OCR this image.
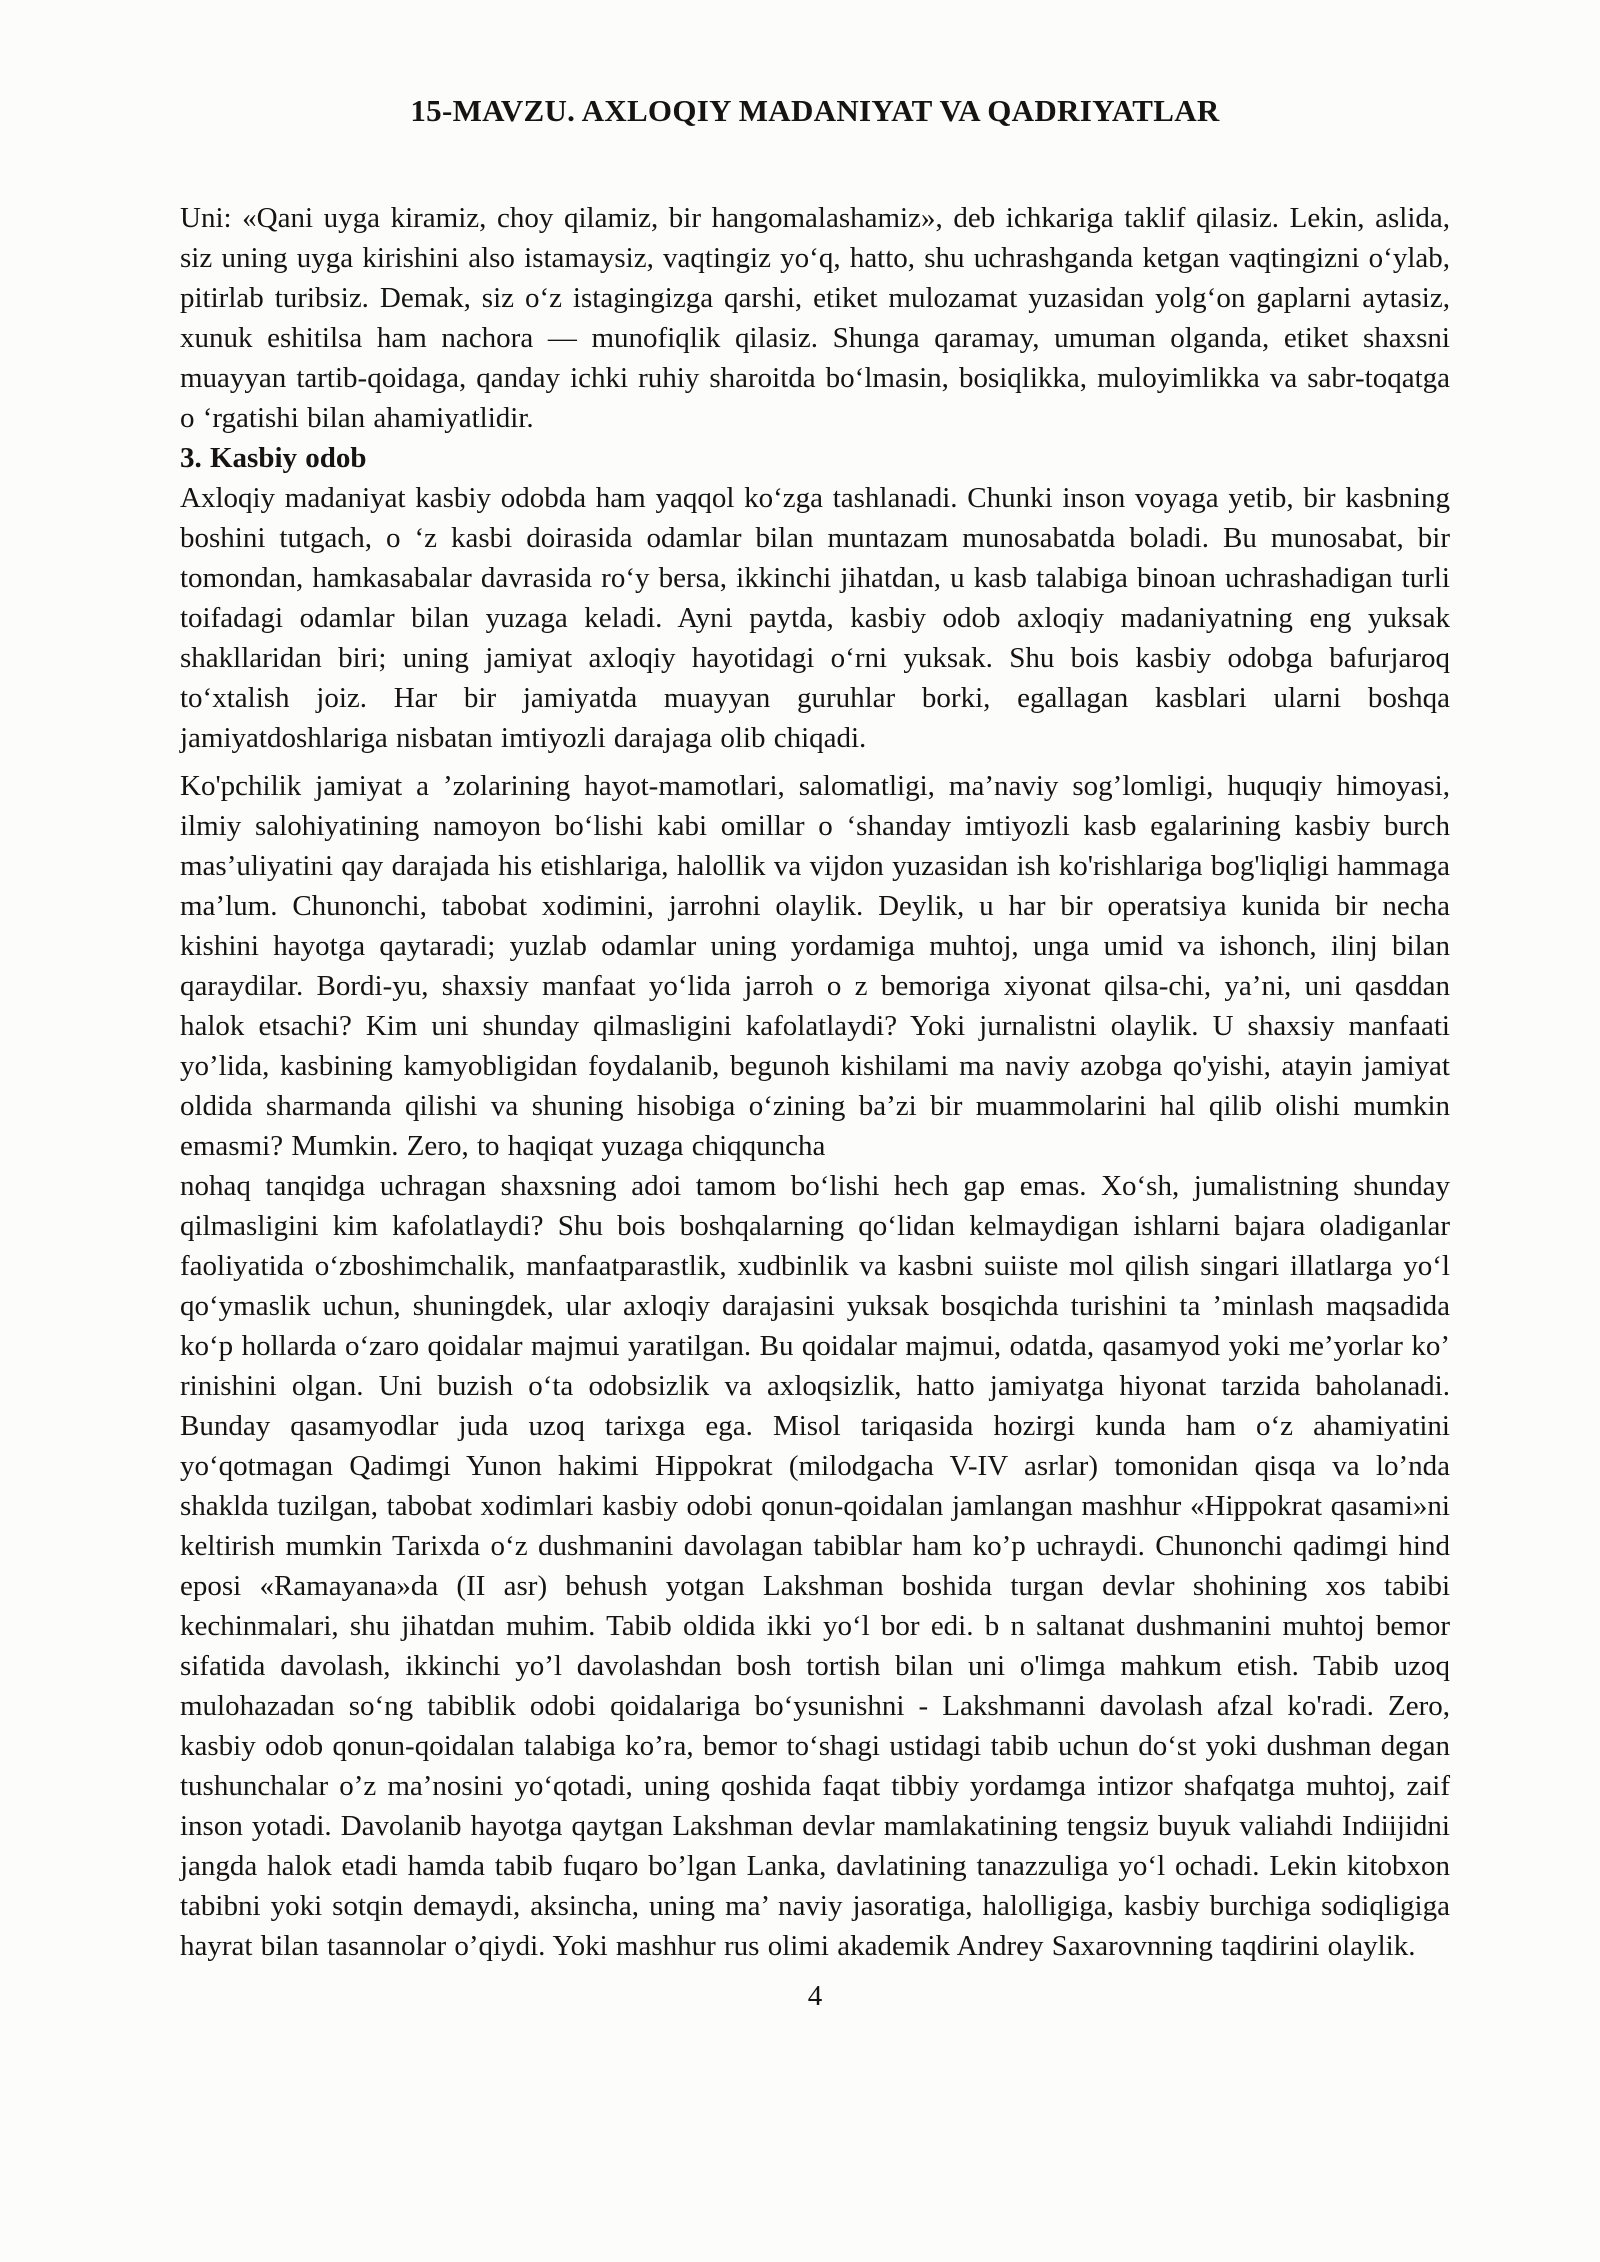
15-MAVZU. AXLOQIY MADANIYAT VA QADRIYATLAR

Uni: «Qani uyga kiramiz, choy qilamiz, bir hangomalashamiz», deb ichkariga taklif qilasiz. Lekin, aslida, siz uning uyga kirishini also istamaysiz, vaqtingiz yo‘q, hatto, shu uchrashganda ketgan vaqtingizni o‘ylab, pitirlab turibsiz. Demak, siz o‘z istagingizga qarshi, etiket mulozamat yuzasidan yolg‘on gaplarni aytasiz, xunuk eshitilsa ham nachora — munofiqlik qilasiz. Shunga qaramay, umuman olganda, etiket shaxsni muayyan tartib-qoidaga, qanday ichki ruhiy sharoitda bo‘lmasin, bosiqlikka, muloyimlikka va sabr-toqatga o ‘rgatishi bilan ahamiyatlidir.

3. Kasbiy odob

Axloqiy madaniyat kasbiy odobda ham yaqqol ko‘zga tashlanadi. Chunki inson voyaga yetib, bir kasbning boshini tutgach, o ‘z kasbi doirasida odamlar bilan muntazam munosabatda boladi. Bu munosabat, bir tomondan, hamkasabalar davrasida ro‘y bersa, ikkinchi jihatdan, u kasb talabiga binoan uchrashadigan turli toifadagi odamlar bilan yuzaga keladi. Ayni paytda, kasbiy odob axloqiy madaniyatning eng yuksak shakllaridan biri; uning jamiyat axloqiy hayotidagi o‘rni yuksak. Shu bois kasbiy odobga bafurjaroq to‘xtalish joiz. Har bir jamiyatda muayyan guruhlar borki, egallagan kasblari ularni boshqa jamiyatdoshlariga nisbatan imtiyozli darajaga olib chiqadi.

Ko'pchilik jamiyat a ’zolarining hayot-mamotlari, salomatligi, ma’naviy sog’lomligi, huquqiy himoyasi, ilmiy salohiyatining namoyon bo‘lishi kabi omillar o ‘shanday imtiyozli kasb egalarining kasbiy burch mas’uliyatini qay darajada his etishlariga, halollik va vijdon yuzasidan ish ko'rishlariga bog'liqligi hammaga ma’lum. Chunonchi, tabobat xodimini, jarrohni olaylik. Deylik, u har bir operatsiya kunida bir necha kishini hayotga qaytaradi; yuzlab odamlar uning yordamiga muhtoj, unga umid va ishonch, ilinj bilan qaraydilar. Bordi-yu, shaxsiy manfaat yo‘lida jarroh o z bemoriga xiyonat qilsa-chi, ya’ni, uni qasddan halok etsachi? Kim uni shunday qilmasligini kafolatlaydi? Yoki jurnalistni olaylik. U shaxsiy manfaati yo’lida, kasbining kamyobligidan foydalanib, begunoh kishilami ma naviy azobga qo'yishi, atayin jamiyat oldida sharmanda qilishi va shuning hisobiga o‘zining ba’zi bir muammolarini hal qilib olishi mumkin emasmi? Mumkin. Zero, to haqiqat yuzaga chiqquncha

nohaq tanqidga uchragan shaxsning adoi tamom bo‘lishi hech gap emas. Xo‘sh, jumalistning shunday qilmasligini kim kafolatlaydi? Shu bois boshqalarning qo‘lidan kelmaydigan ishlarni bajara oladiganlar faoliyatida o‘zboshimchalik, manfaatparastlik, xudbinlik va kasbni suiiste mol qilish singari illatlarga yo‘l qo‘ymaslik uchun, shuningdek, ular axloqiy darajasini yuksak bosqichda turishini ta ’minlash maqsadida ko‘p hollarda o‘zaro qoidalar majmui yaratilgan. Bu qoidalar majmui, odatda, qasamyod yoki me’yorlar ko’ rinishini olgan. Uni buzish o‘ta odobsizlik va axloqsizlik, hatto jamiyatga hiyonat tarzida baholanadi. Bunday qasamyodlar juda uzoq tarixga ega. Misol tariqasida hozirgi kunda ham o‘z ahamiyatini yo‘qotmagan Qadimgi Yunon hakimi Hippokrat (milodgacha V-IV asrlar) tomonidan qisqa va lo’nda shaklda tuzilgan, tabobat xodimlari kasbiy odobi qonun-qoidalan jamlangan mashhur «Hippokrat qasami»ni keltirish mumkin Tarixda o‘z dushmanini davolagan tabiblar ham ko’p uchraydi. Chunonchi qadimgi hind eposi «Ramayana»da (II asr) behush yotgan Lakshman boshida turgan devlar shohining xos tabibi kechinmalari, shu jihatdan muhim. Tabib oldida ikki yo‘l bor edi. b n saltanat dushmanini muhtoj bemor sifatida davolash, ikkinchi yo’l davolashdan bosh tortish bilan uni o'limga mahkum etish. Tabib uzoq mulohazadan so‘ng tabiblik odobi qoidalariga bo‘ysunishni - Lakshmanni davolash afzal ko'radi. Zero, kasbiy odob qonun-qoidalan talabiga ko’ra, bemor to‘shagi ustidagi tabib uchun do‘st yoki dushman degan tushunchalar o’z ma’nosini yo‘qotadi, uning qoshida faqat tibbiy yordamga intizor shafqatga muhtoj, zaif inson yotadi. Davolanib hayotga qaytgan Lakshman devlar mamlakatining tengsiz buyuk valiahdi Indiijidni jangda halok etadi hamda tabib fuqaro bo’lgan Lanka, davlatining tanazzuliga yo‘l ochadi. Lekin kitobxon tabibni yoki sotqin demaydi, aksincha, uning ma’ naviy jasoratiga, halolligiga, kasbiy burchiga sodiqligiga hayrat bilan tasannolar o’qiydi. Yoki mashhur rus olimi akademik Andrey Saxarovnning taqdirini olaylik.

4
